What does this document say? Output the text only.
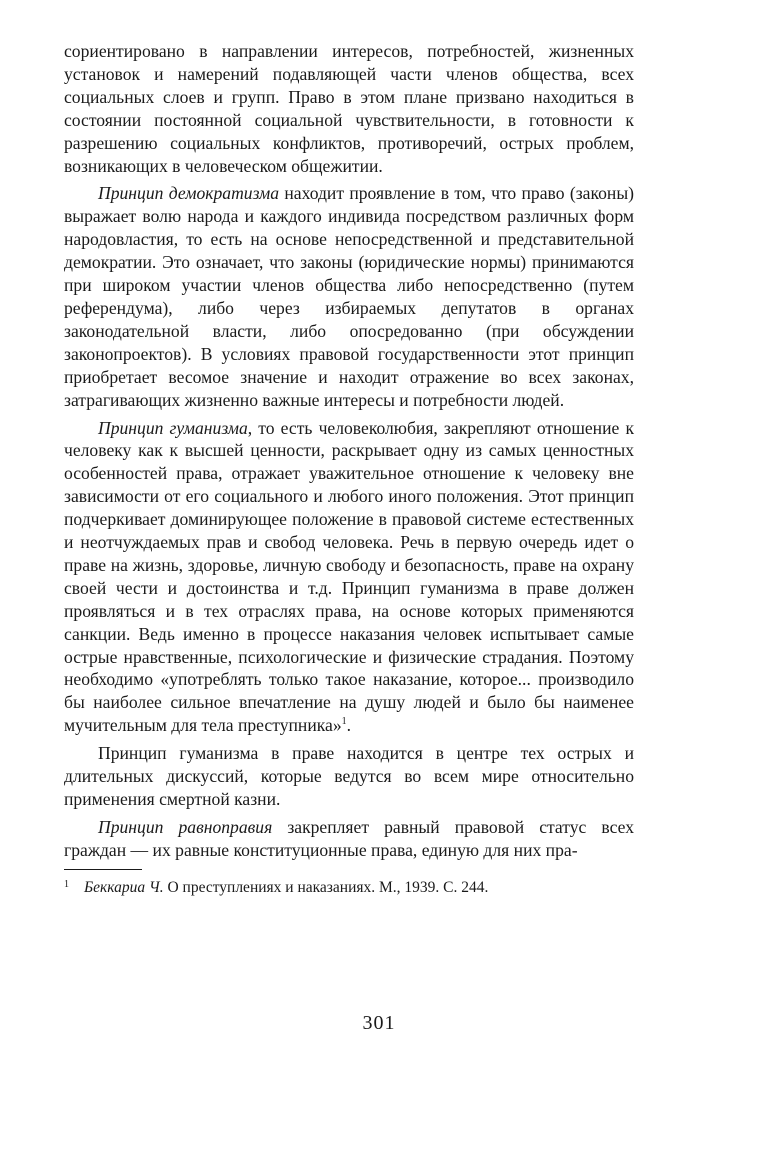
сориентировано в направлении интересов, потребностей, жизненных установок и намерений подавляющей части членов общества, всех социальных слоев и групп. Право в этом плане призвано находиться в состоянии постоянной социальной чувствительности, в готовности к разрешению социальных конфликтов, противоречий, острых проблем, возникающих в человеческом общежитии.

Принцип демократизма находит проявление в том, что право (законы) выражает волю народа и каждого индивида посредством различных форм народовластия, то есть на основе непосредственной и представительной демократии. Это означает, что законы (юридические нормы) принимаются при широком участии членов общества либо непосредственно (путем референдума), либо через избираемых депутатов в органах законодательной власти, либо опосредованно (при обсуждении законопроектов). В условиях правовой государственности этот принцип приобретает весомое значение и находит отражение во всех законах, затрагивающих жизненно важные интересы и потребности людей.

Принцип гуманизма, то есть человеколюбия, закрепляют отношение к человеку как к высшей ценности, раскрывает одну из самых ценностных особенностей права, отражает уважительное отношение к человеку вне зависимости от его социального и любого иного положения. Этот принцип подчеркивает доминирующее положение в правовой системе естественных и неотчуждаемых прав и свобод человека. Речь в первую очередь идет о праве на жизнь, здоровье, личную свободу и безопасность, праве на охрану своей чести и достоинства и т.д. Принцип гуманизма в праве должен проявляться и в тех отраслях права, на основе которых применяются санкции. Ведь именно в процессе наказания человек испытывает самые острые нравственные, психологические и физические страдания. Поэтому необходимо «употреблять только такое наказание, которое... производило бы наиболее сильное впечатление на душу людей и было бы наименее мучительным для тела преступника»$^1$.

Принцип гуманизма в праве находится в центре тех острых и длительных дискуссий, которые ведутся во всем мире относительно применения смертной казни.

Принцип равноправия закрепляет равный правовой статус всех граждан — их равные конституционные права, единую для них пра-

1 Беккариа Ч. О преступлениях и наказаниях. М., 1939. С. 244.

301
